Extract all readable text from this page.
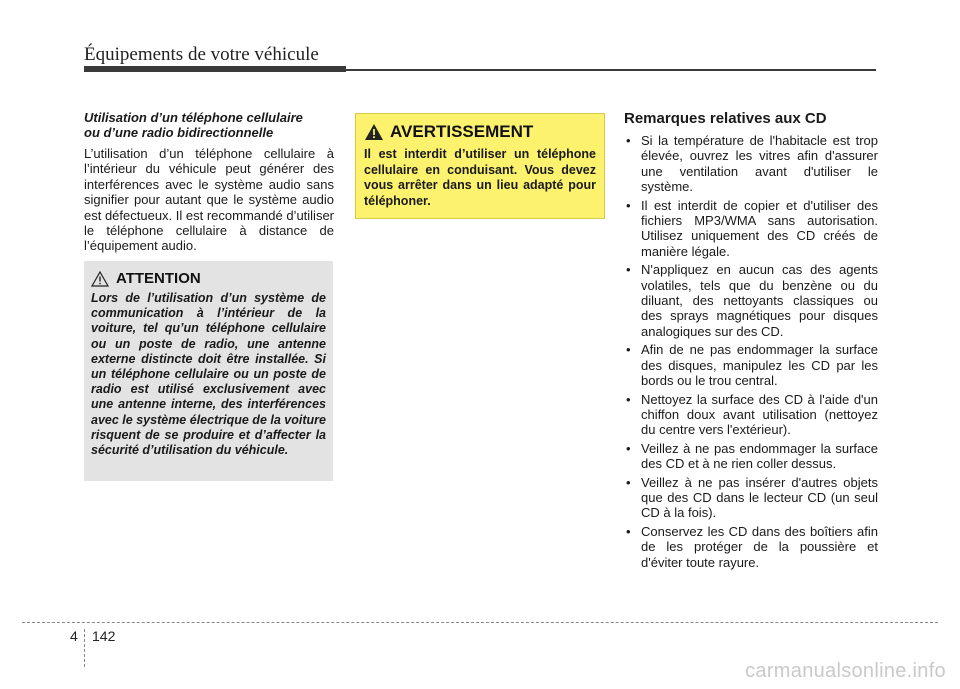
Équipements de votre véhicule

Utilisation d’un téléphone cellulaire
ou d’une radio bidirectionnelle

L’utilisation d’un téléphone cellulaire à l’intérieur du véhicule peut générer des interférences avec le système audio sans signifier pour autant que le système audio est défectueux. Il est recommandé d’utiliser le téléphone cellulaire à distance de l’équipement audio.

ATTENTION

Lors de l’utilisation d’un système de communication à l’intérieur de la voiture, tel qu’un téléphone cellulaire ou un poste de radio, une antenne externe distincte doit être installée. Si un téléphone cellulaire ou un poste de radio est utilisé exclusivement avec une antenne interne, des interférences avec le système électrique de la voiture risquent de se produire et d’affecter la sécurité d’utilisation du véhicule.

AVERTISSEMENT

Il est interdit d’utiliser un téléphone cellulaire en conduisant. Vous devez vous arrêter dans un lieu adapté pour téléphoner.

Remarques relatives aux CD
• Si la température de l'habitacle est trop élevée, ouvrez les vitres afin d'assurer une ventilation avant d'utiliser le système.
• Il est interdit de copier et d'utiliser des fichiers MP3/WMA sans autorisation. Utilisez uniquement des CD créés de manière légale.
• N'appliquez en aucun cas des agents volatiles, tels que du benzène ou du diluant, des nettoyants classiques ou des sprays magnétiques pour disques analogiques sur des CD.
• Afin de ne pas endommager la surface des disques, manipulez les CD par les bords ou le trou central.
• Nettoyez la surface des CD à l'aide d'un chiffon doux avant utilisation (nettoyez du centre vers l'extérieur).
• Veillez à ne pas endommager la surface des CD et à ne rien coller dessus.
• Veillez à ne pas insérer d'autres objets que des CD dans le lecteur CD (un seul CD à la fois).
• Conservez les CD dans des boîtiers afin de les protéger de la poussière et d'éviter toute rayure.
4 142
carmanualsonline.info
